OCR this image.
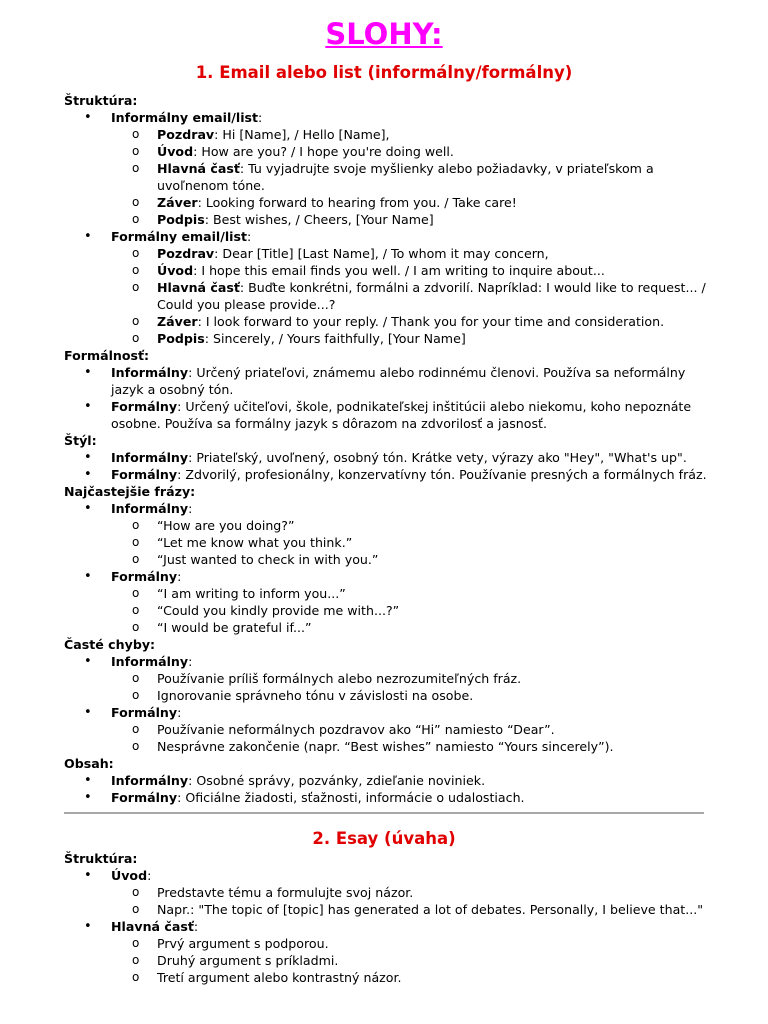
SLOHY:
1. Email alebo list (informálny/formálny)
Štruktúra:
• Informálny email/list:
o Pozdrav: Hi [Name], / Hello [Name],
o Úvod: How are you? / I hope you're doing well.
o Hlavná časť: Tu vyjadrujte svoje myšlienky alebo požiadavky, v priateľskom a uvoľnenom tóne.
o Záver: Looking forward to hearing from you. / Take care!
o Podpis: Best wishes, / Cheers, [Your Name]
• Formálny email/list:
o Pozdrav: Dear [Title] [Last Name], / To whom it may concern,
o Úvod: I hope this email finds you well. / I am writing to inquire about...
o Hlavná časť: Buďte konkrétni, formálni a zdvorilí. Napríklad: I would like to request... / Could you please provide...?
o Záver: I look forward to your reply. / Thank you for your time and consideration.
o Podpis: Sincerely, / Yours faithfully, [Your Name]
Formálnosť:
• Informálny: Určený priateľovi, známemu alebo rodinnému členovi. Používa sa neformálny jazyk a osobný tón.
• Formálny: Určený učiteľovi, škole, podnikateľskej inštitúcii alebo niekomu, koho nepoznáte osobne. Používa sa formálny jazyk s dôrazom na zdvorilosť a jasnosť.
Štýl:
• Informálny: Priateľský, uvoľnený, osobný tón. Krátke vety, výrazy ako "Hey", "What's up".
• Formálny: Zdvorilý, profesionálny, konzervatívny tón. Používanie presných a formálnych fráz.
Najčastejšie frázy:
• Informálny:
o “How are you doing?”
o “Let me know what you think.”
o “Just wanted to check in with you.”
• Formálny:
o “I am writing to inform you...”
o “Could you kindly provide me with...?”
o “I would be grateful if...”
Časté chyby:
• Informálny:
o Používanie príliš formálnych alebo nezrozumiteľných fráz.
o Ignorovanie správneho tónu v závislosti na osobe.
• Formálny:
o Používanie neformálnych pozdravov ako “Hi” namiesto “Dear”.
o Nesprávne zakončenie (napr. “Best wishes” namiesto “Yours sincerely”).
Obsah:
• Informálny: Osobné správy, pozvánky, zdieľanie noviniek.
• Formálny: Oficiálne žiadosti, sťažnosti, informácie o udalostiach.
2. Esay (úvaha)
Štruktúra:
• Úvod:
o Predstavte tému a formulujte svoj názor.
o Napr.: "The topic of [topic] has generated a lot of debates. Personally, I believe that..."
• Hlavná časť:
o Prvý argument s podporou.
o Druhý argument s príkladmi.
o Tretí argument alebo kontrastný názor.
